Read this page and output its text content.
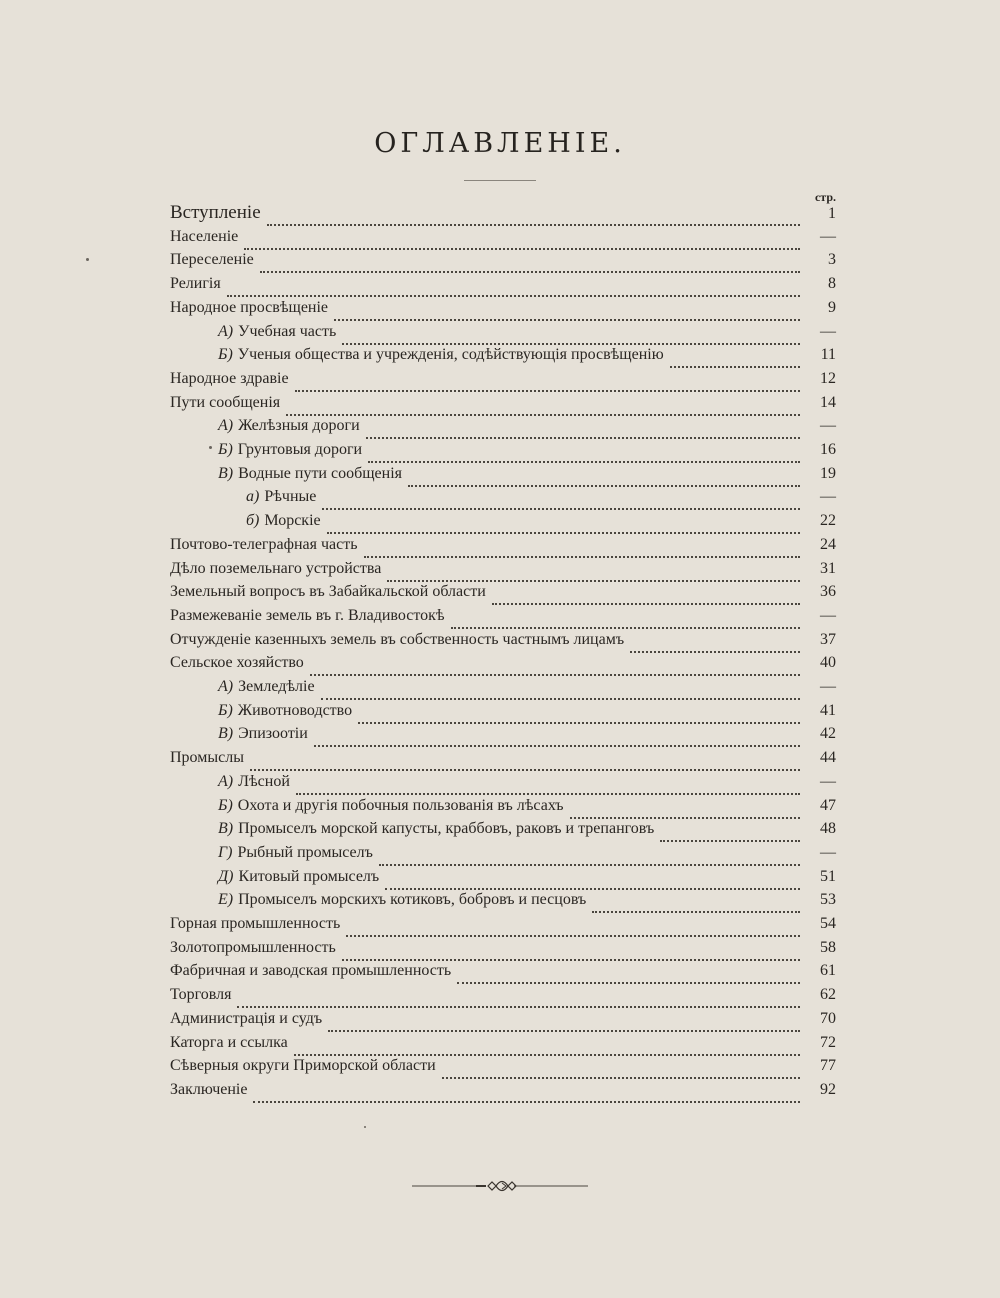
ОГЛАВЛЕНІЕ.
стр.
Вступленіе	1
Населеніе	—
Переселеніе	3
Религія	8
Народное просвѣщеніе	9
А) Учебная часть	—
Б) Ученыя общества и учрежденія, содѣйствующія просвѣщенію	11
Народное здравіе	12
Пути сообщенія	14
А) Желѣзныя дороги	—
Б) Грунтовыя дороги	16
В) Водные пути сообщенія	19
а) Рѣчные	—
б) Морскіе	22
Почтово-телеграфная часть	24
Дѣло поземельнаго устройства	31
Земельный вопросъ въ Забайкальской области	36
Размежеваніе земель въ г. Владивостокѣ	—
Отчужденіе казенныхъ земель въ собственность частнымъ лицамъ	37
Сельское хозяйство	40
А) Земледѣліе	—
Б) Животноводство	41
В) Эпизоотіи	42
Промыслы	44
А) Лѣсной	—
Б) Охота и другія побочныя пользованія въ лѣсахъ	47
В) Промыселъ морской капусты, краббовъ, раковъ и трепанговъ	48
Г) Рыбный промыселъ	—
Д) Китовый промыселъ	51
Е) Промыселъ морскихъ котиковъ, бобровъ и песцовъ	53
Горная промышленность	54
Золотопромышленность	58
Фабричная и заводская промышленность	61
Торговля	62
Администрація и судъ	70
Каторга и ссылка	72
Сѣверныя округи Приморской области	77
Заключеніе	92
